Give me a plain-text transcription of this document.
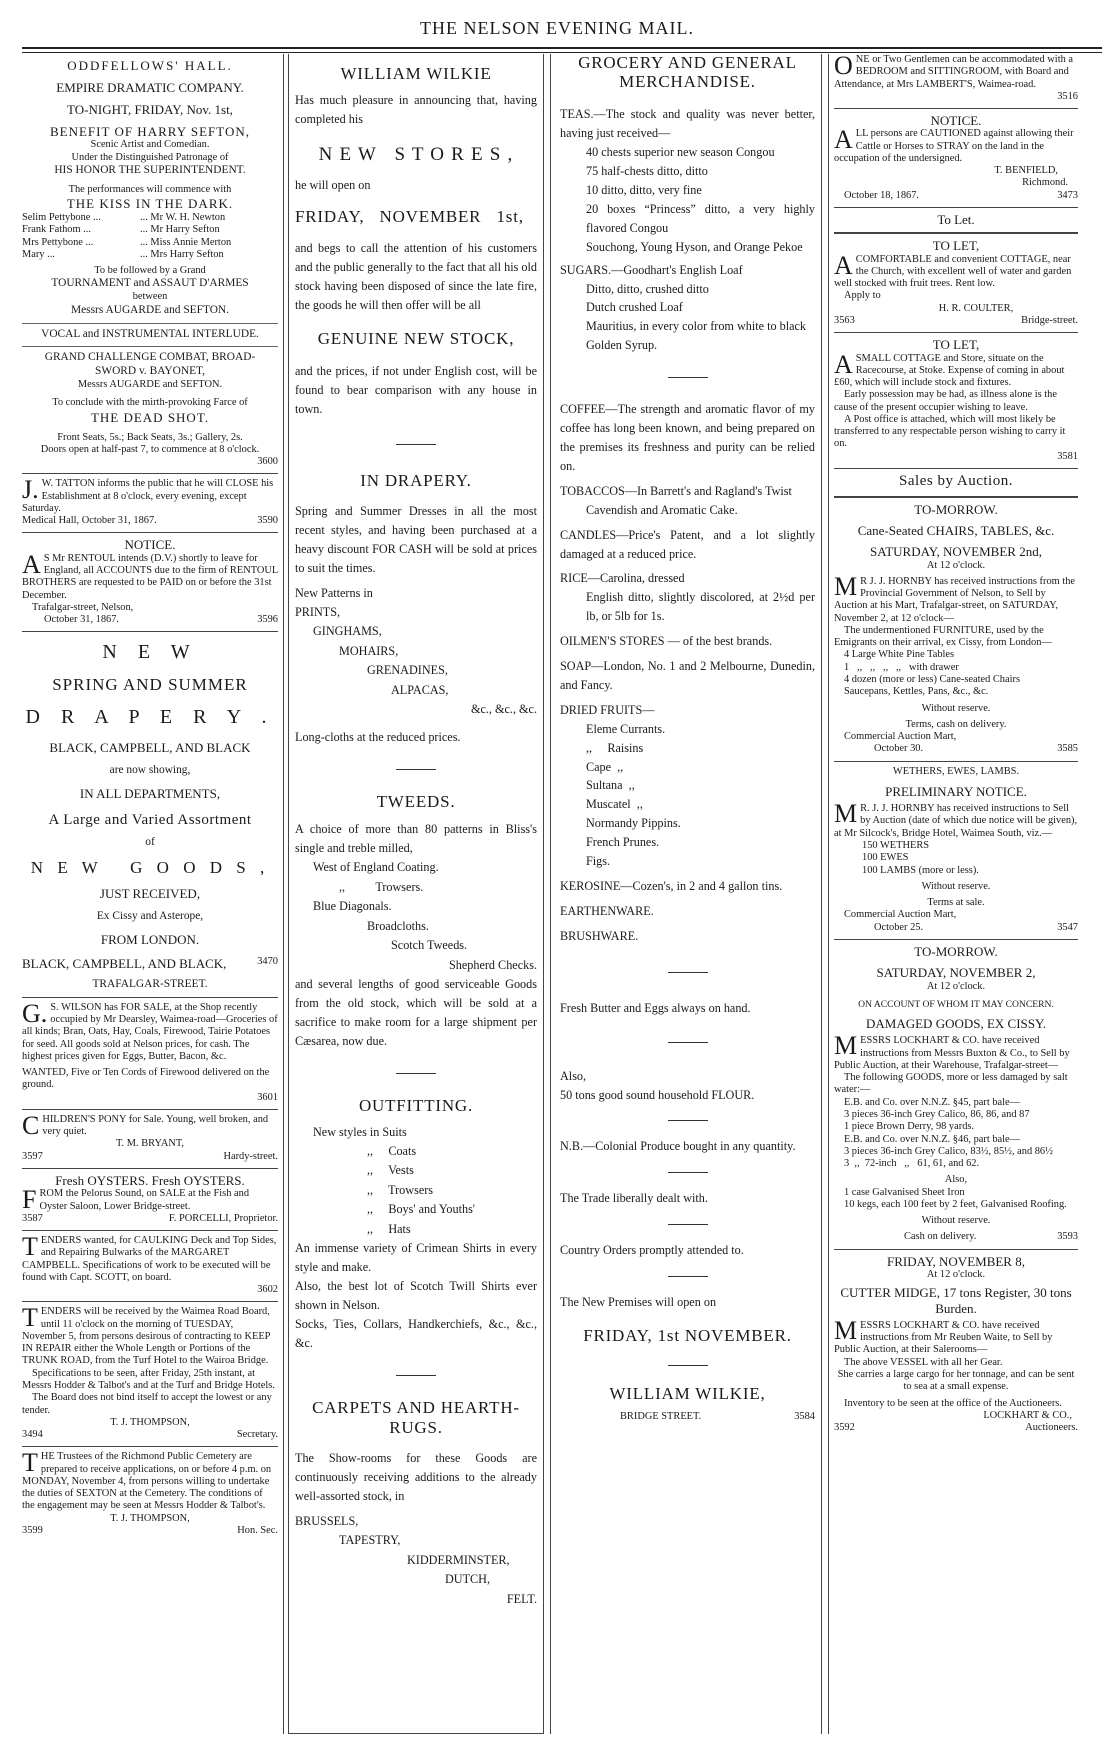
THE NELSON EVENING MAIL.

ODDFELLOWS' HALL.

EMPIRE DRAMATIC COMPANY.

TO-NIGHT, FRIDAY, Nov. 1st,

BENEFIT OF HARRY SEFTON,

Scenic Artist and Comedian.

Under the Distinguished Patronage of

HIS HONOR THE SUPERINTENDENT.

The performances will commence with

THE KISS IN THE DARK.

Selim Pettybone ...	... Mr W. H. Newton
Frank Fathom ...	... Mr Harry Sefton
Mrs Pettybone ...	... Miss Annie Merton
Mary ...	... Mrs Harry Sefton

To be followed by a Grand

TOURNAMENT and ASSAUT D'ARMES

between

Messrs AUGARDE and SEFTON.

VOCAL and INSTRUMENTAL INTERLUDE.

GRAND CHALLENGE COMBAT, BROAD-

SWORD v. BAYONET,

Messrs AUGARDE and SEFTON.

To conclude with the mirth-provoking Farce of

THE DEAD SHOT.

Front Seats, 5s.; Back Seats, 3s.; Gallery, 2s.

Doors open at half-past 7, to commence at 8 o'clock.

3600

J. W. TATTON informs the public that he will CLOSE his Establishment at 8 o'clock, every evening, except Saturday.

Medical Hall, October 31, 1867.	3590

NOTICE.

A S Mr RENTOUL intends (D.V.) shortly to leave for England, all ACCOUNTS due to the firm of RENTOUL BROTHERS are requested to be PAID on or before the 31st December.

Trafalgar-street, Nelson,

October 31, 1867.	3596

N E W

SPRING AND SUMMER

D R A P E R Y .

BLACK, CAMPBELL, AND BLACK

are now showing,

IN ALL DEPARTMENTS,

A Large and Varied Assortment

of

N E W   G O O D S ,

JUST RECEIVED,

Ex Cissy and Asterope,

FROM LONDON.

BLACK, CAMPBELL, AND BLACK,	3470

TRAFALGAR-STREET.

G. S. WILSON has FOR SALE, at the Shop recently occupied by Mr Dearsley, Waimea-road—Groceries of all kinds; Bran, Oats, Hay, Coals, Firewood, Tairie Potatoes for seed. All goods sold at Nelson prices, for cash. The highest prices given for Eggs, Butter, Bacon, &c.

WANTED, Five or Ten Cords of Firewood delivered on the ground.

3601

C HILDREN'S PONY for Sale. Young, well broken, and very quiet.

T. M. BRYANT,

3597	Hardy-street.

Fresh OYSTERS. Fresh OYSTERS.

F ROM the Pelorus Sound, on SALE at the Fish and Oyster Saloon, Lower Bridge-street.

3587	F. PORCELLI, Proprietor.
T ENDERS wanted, for CAULKING Deck and Top Sides, and Repairing Bulwarks of the MARGARET CAMPBELL. Specifications of work to be executed will be found with Capt. SCOTT, on board.

3602

T ENDERS will be received by the Waimea Road Board, until 11 o'clock on the morning of TUESDAY, November 5, from persons desirous of contracting to KEEP IN REPAIR either the Whole Length or Portions of the TRUNK ROAD, from the Turf Hotel to the Wairoa Bridge.

Specifications to be seen, after Friday, 25th instant, at Messrs Hodder & Talbot's and at the Turf and Bridge Hotels.

The Board does not bind itself to accept the lowest or any tender.

T. J. THOMPSON,

3494	Secretary.
T HE Trustees of the Richmond Public Cemetery are prepared to receive applications, on or before 4 p.m. on MONDAY, November 4, from persons willing to undertake the duties of SEXTON at the Cemetery. The conditions of the engagement may be seen at Messrs Hodder & Talbot's.

T. J. THOMPSON,

3599	Hon. Sec.

WILLIAM WILKIE

Has much pleasure in announcing that, having completed his

N E W   S T O R E S ,

he will open on

FRIDAY,   NOVEMBER   1st,

and begs to call the attention of his customers and the public generally to the fact that all his old stock having been disposed of since the late fire, the goods he will then offer will be all

GENUINE NEW STOCK,

and the prices, if not under English cost, will be found to bear comparison with any house in town.

IN DRAPERY.

Spring and Summer Dresses in all the most recent styles, and having been purchased at a heavy discount FOR CASH will be sold at prices to suit the times.

New Patterns in

PRINTS,

GINGHAMS,

MOHAIRS,

GRENADINES,

ALPACAS,

&c., &c., &c.

Long-cloths at the reduced prices.

TWEEDS.

A choice of more than 80 patterns in Bliss's single and treble milled,

West of England Coating.

,,          Trowsers.

Blue Diagonals.

Broadcloths.

Scotch Tweeds.

Shepherd Checks.

and several lengths of good serviceable Goods from the old stock, which will be sold at a sacrifice to make room for a large shipment per Cæsarea, now due.

OUTFITTING.

New styles in Suits

,,     Coats

,,     Vests

,,     Trowsers

,,     Boys' and Youths'

,,     Hats

An immense variety of Crimean Shirts in every style and make.

Also, the best lot of Scotch Twill Shirts ever shown in Nelson.

Socks, Ties, Collars, Handkerchiefs, &c., &c., &c.

CARPETS AND HEARTH-RUGS.

The Show-rooms for these Goods are continuously receiving additions to the already well-assorted stock, in

BRUSSELS,

TAPESTRY,

KIDDERMINSTER,

DUTCH,

FELT.

GROCERY AND GENERAL MERCHANDISE.

TEAS.—The stock and quality was never better, having just received—

40 chests superior new season Congou

75 half-chests ditto, ditto

10 ditto, ditto, very fine

20 boxes “Princess” ditto, a very highly flavored Congou

Souchong, Young Hyson, and Orange Pekoe

SUGARS.—Goodhart's English Loaf

Ditto, ditto, crushed ditto

Dutch crushed Loaf

Mauritius, in every color from white to black

Golden Syrup.

COFFEE—The strength and aromatic flavor of my coffee has long been known, and being prepared on the premises its freshness and purity can be relied on.

TOBACCOS—In Barrett's and Ragland's Twist

Cavendish and Aromatic Cake.

CANDLES—Price's Patent, and a lot slightly damaged at a reduced price.

RICE—Carolina, dressed

English ditto, slightly discolored, at 2½d per lb, or 5lb for 1s.

OILMEN'S STORES — of the best brands.

SOAP—London, No. 1 and 2 Melbourne, Dunedin, and Fancy.

DRIED FRUITS—

Eleme Currants.

,,     Raisins

Cape  ,,

Sultana  ,,

Muscatel  ,,

Normandy Pippins.

French Prunes.

Figs.

KEROSINE—Cozen's, in 2 and 4 gallon tins.

EARTHENWARE.

BRUSHWARE.

Fresh Butter and Eggs always on hand.

Also,

50 tons good sound household FLOUR.

N.B.—Colonial Produce bought in any quantity.

The Trade liberally dealt with.

Country Orders promptly attended to.

The New Premises will open on

FRIDAY, 1st NOVEMBER.

WILLIAM WILKIE,

BRIDGE STREET.	3584
O NE or Two Gentlemen can be accommodated with a BEDROOM and SITTINGROOM, with Board and Attendance, at Mrs LAMBERT'S, Waimea-road.

3516

NOTICE.

A LL persons are CAUTIONED against allowing their Cattle or Horses to STRAY on the land in the occupation of the undersigned.

T. BENFIELD,

Richmond.

October 18, 1867.	3473
To Let.

TO LET,

A COMFORTABLE and convenient COTTAGE, near the Church, with excellent well of water and garden well stocked with fruit trees. Rent low.

Apply to

H. R. COULTER,

3563	Bridge-street.

TO LET,

A SMALL COTTAGE and Store, situate on the Racecourse, at Stoke. Expense of coming in about £60, which will include stock and fixtures.

Early possession may be had, as illness alone is the cause of the present occupier wishing to leave.

A Post office is attached, which will most likely be transferred to any respectable person wishing to carry it on.

3581

Sales by Auction.

TO-MORROW.

Cane-Seated CHAIRS, TABLES, &c.

SATURDAY, NOVEMBER 2nd,

At 12 o'clock.

M R J. J. HORNBY has received instructions from the Provincial Government of Nelson, to Sell by Auction at his Mart, Trafalgar-street, on SATURDAY, November 2, at 12 o'clock—

The undermentioned FURNITURE, used by the Emigrants on their arrival, ex Cissy, from London—

4 Large White Pine Tables

1   ,,   ,,   ,,   ,,   with drawer

4 dozen (more or less) Cane-seated Chairs

Saucepans, Kettles, Pans, &c., &c.

Without reserve.

Terms, cash on delivery.

Commercial Auction Mart,

October 30.	3585

WETHERS, EWES, LAMBS.

PRELIMINARY NOTICE.

M R. J. J. HORNBY has received instructions to Sell by Auction (date of which due notice will be given), at Mr Silcock's, Bridge Hotel, Waimea South, viz.—

150 WETHERS

100 EWES

100 LAMBS (more or less).

Without reserve.

Terms at sale.

Commercial Auction Mart,

October 25.	3547

TO-MORROW.

SATURDAY, NOVEMBER 2,

At 12 o'clock.

ON ACCOUNT OF WHOM IT MAY CONCERN.

DAMAGED GOODS, EX CISSY.

M ESSRS LOCKHART & CO. have received instructions from Messrs Buxton & Co., to Sell by Public Auction, at their Warehouse, Trafalgar-street—

The following GOODS, more or less damaged by salt water:—

E.B. and Co. over N.N.Z. §45, part bale—

3 pieces 36-inch Grey Calico, 86, 86, and 87

1 piece Brown Derry, 98 yards.

E.B. and Co. over N.N.Z. §46, part bale—

3 pieces 36-inch Grey Calico, 83½, 85½, and 86½

3  ,,  72-inch   ,,   61, 61, and 62.

Also,

1 case Galvanised Sheet Iron

10 kegs, each 100 feet by 2 feet, Galvanised Roofing.

Without reserve.

Cash on delivery.	3593

FRIDAY, NOVEMBER 8,

At 12 o'clock.

CUTTER MIDGE, 17 tons Register, 30 tons Burden.

M ESSRS LOCKHART & CO. have received instructions from Mr Reuben Waite, to Sell by Public Auction, at their Salerooms—

The above VESSEL with all her Gear.

She carries a large cargo for her tonnage, and can be sent to sea at a small expense.

Inventory to be seen at the office of the Auctioneers.

LOCKHART & CO.,

3592	Auctioneers.
